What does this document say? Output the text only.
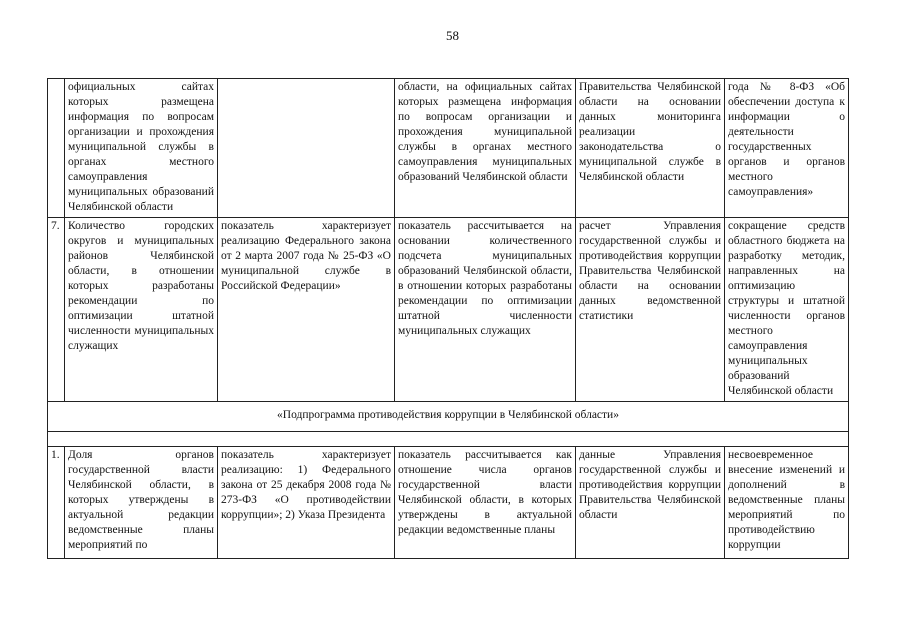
58
	официальных сайтах которых размещена информация по вопросам организации и прохождения муниципальной службы в органах местного самоуправления муниципальных образований Челябинской области		области, на официальных сайтах которых размещена информация по вопросам организации и прохождения муниципальной службы в органах местного самоуправления муниципальных образований Челябинской области	Правительства Челябинской области на основании данных мониторинга реализации законодательства о муниципальной службе в Челябинской области	года № 8-ФЗ «Об обеспечении доступа к информации о деятельности государственных органов и органов местного самоуправления»
7.	Количество городских округов и муниципальных районов Челябинской области, в отношении которых разработаны рекомендации по оптимизации штатной численности муниципальных служащих	показатель характеризует реализацию Федерального закона от 2 марта 2007 года № 25-ФЗ «О муниципальной службе в Российской Федерации»	показатель рассчитывается на основании количественного подсчета муниципальных образований Челябинской области, в отношении которых разработаны рекомендации по оптимизации штатной численности муниципальных служащих	расчет Управления государственной службы и противодействия коррупции Правительства Челябинской области на основании данных ведомственной статистики	сокращение средств областного бюджета на разработку методик, направленных на оптимизацию структуры и штатной численности органов местного самоуправления муниципальных образований Челябинской области
«Подпрограмма противодействия коррупции в Челябинской области»					

1.	Доля органов государственной власти Челябинской области, в которых утверждены в актуальной редакции ведомственные планы мероприятий по	показатель характеризует реализацию: 1) Федерального закона от 25 декабря 2008 года № 273-ФЗ «О противодействии коррупции»; 2) Указа Президента	показатель рассчитывается как отношение числа органов государственной власти Челябинской области, в которых утверждены в актуальной редакции ведомственные планы	данные Управления государственной службы и противодействия коррупции Правительства Челябинской области	несвоевременное внесение изменений и дополнений в ведомственные планы мероприятий по противодействию коррупции
